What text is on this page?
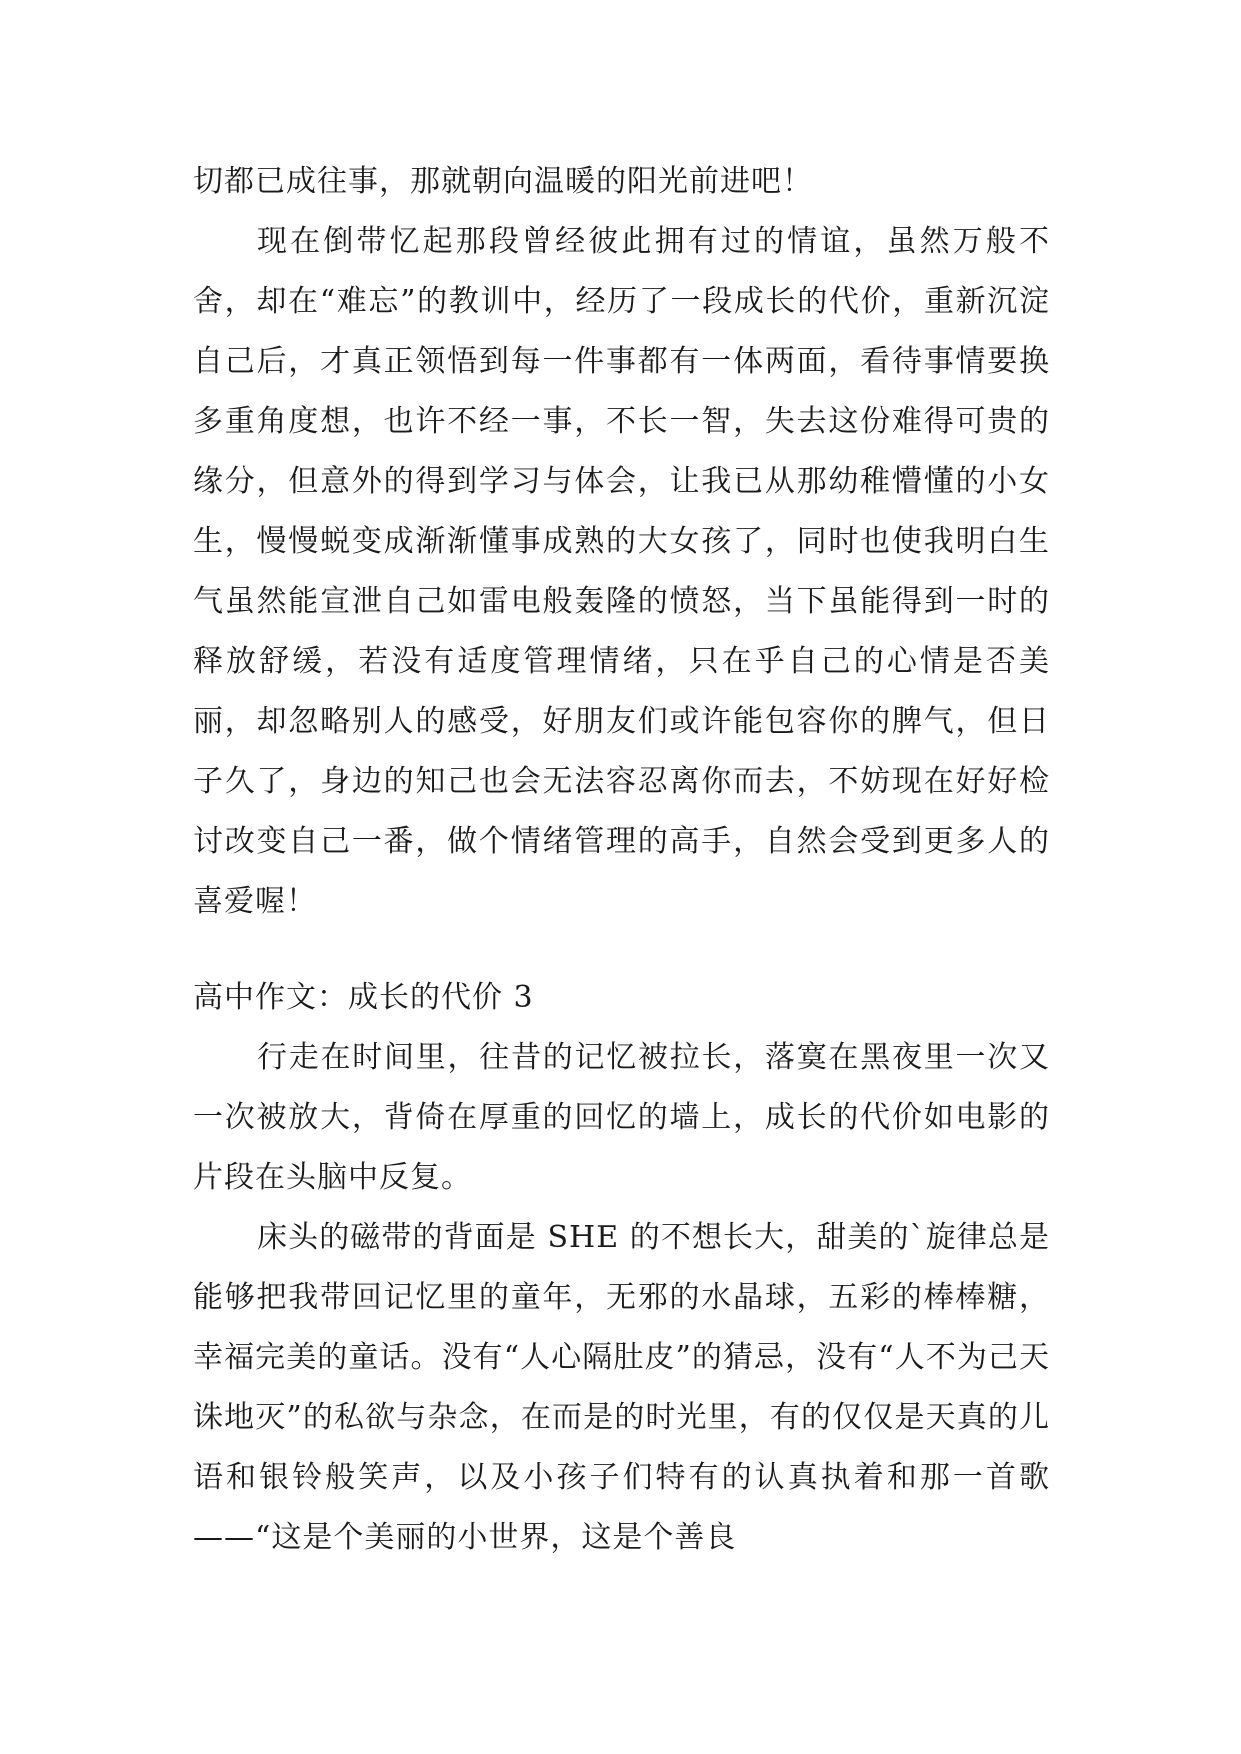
切都已成往事，那就朝向温暖的阳光前进吧！

现在倒带忆起那段曾经彼此拥有过的情谊，虽然万般不舍，却在“难忘”的教训中，经历了一段成长的代价，重新沉淀自己后，才真正领悟到每一件事都有一体两面，看待事情要换多重角度想，也许不经一事，不长一智，失去这份难得可贵的缘分，但意外的得到学习与体会，让我已从那幼稚懵懂的小女生，慢慢蜕变成渐渐懂事成熟的大女孩了，同时也使我明白生气虽然能宣泄自己如雷电般轰隆的愤怒，当下虽能得到一时的释放舒缓，若没有适度管理情绪，只在乎自己的心情是否美丽，却忽略别人的感受，好朋友们或许能包容你的脾气，但日子久了，身边的知己也会无法容忍离你而去，不妨现在好好检讨改变自己一番，做个情绪管理的高手，自然会受到更多人的喜爱喔！

高中作文：成长的代价 3

行走在时间里，往昔的记忆被拉长，落寞在黑夜里一次又一次被放大，背倚在厚重的回忆的墙上，成长的代价如电影的片段在头脑中反复。

床头的磁带的背面是 SHE 的不想长大，甜美的`旋律总是能够把我带回记忆里的童年，无邪的水晶球，五彩的棒棒糖，幸福完美的童话。没有“人心隔肚皮”的猜忌，没有“人不为己天诛地灭”的私欲与杂念，在而是的时光里，有的仅仅是天真的儿语和银铃般笑声，以及小孩子们特有的认真执着和那一首歌——“这是个美丽的小世界，这是个善良
